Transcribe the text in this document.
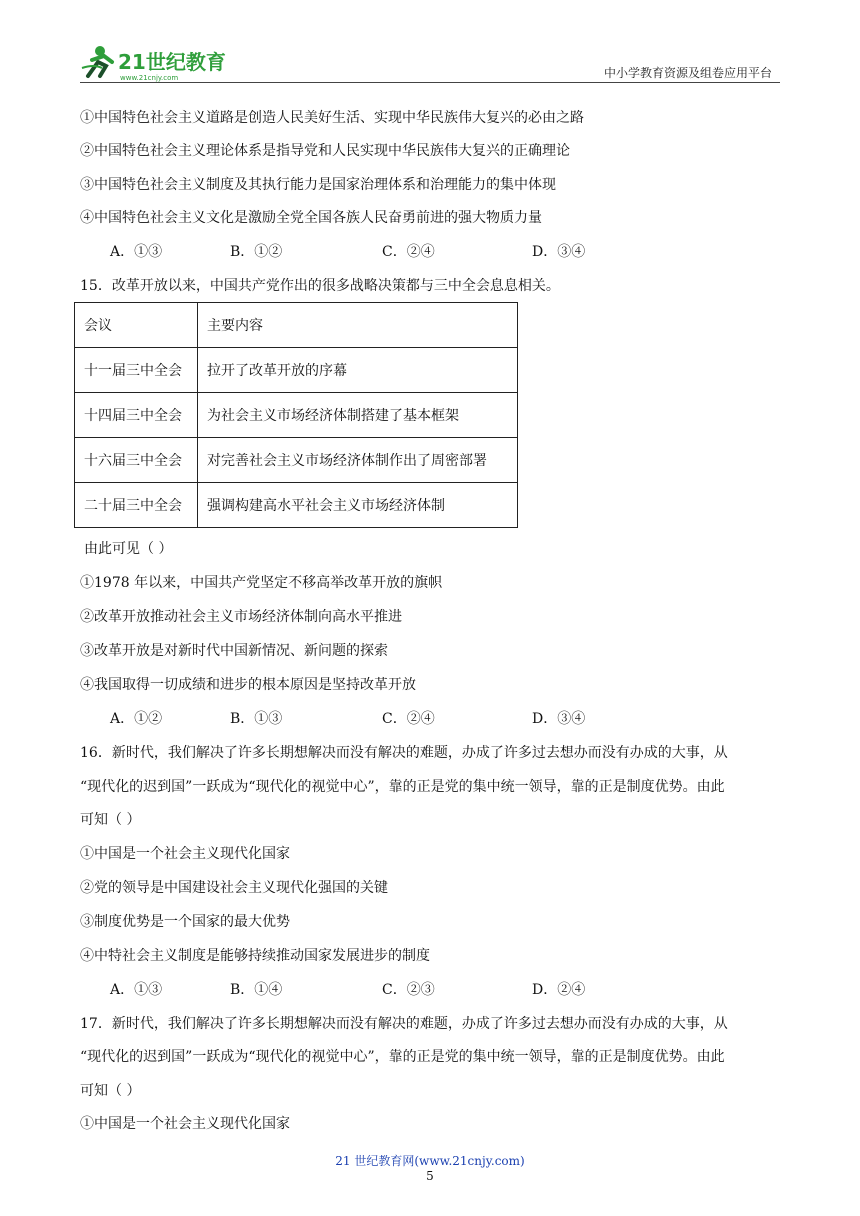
21世纪教育
www.21cnjy.com	中小学教育资源及组卷应用平台
①中国特色社会主义道路是创造人民美好生活、实现中华民族伟大复兴的必由之路
②中国特色社会主义理论体系是指导党和人民实现中华民族伟大复兴的正确理论
③中国特色社会主义制度及其执行能力是国家治理体系和治理能力的集中体现
④中国特色社会主义文化是激励全党全国各族人民奋勇前进的强大物质力量
A．①③	B．①②	C．②④	D．③④
15．改革开放以来，中国共产党作出的很多战略决策都与三中全会息息相关。
会议	主要内容
十一届三中全会	拉开了改革开放的序幕
十四届三中全会	为社会主义市场经济体制搭建了基本框架
十六届三中全会	对完善社会主义市场经济体制作出了周密部署
二十届三中全会	强调构建高水平社会主义市场经济体制
由此可见（ ）
①1978 年以来，中国共产党坚定不移高举改革开放的旗帜
②改革开放推动社会主义市场经济体制向高水平推进
③改革开放是对新时代中国新情况、新问题的探索
④我国取得一切成绩和进步的根本原因是坚持改革开放
A．①②	B．①③	C．②④	D．③④
16．新时代，我们解决了许多长期想解决而没有解决的难题，办成了许多过去想办而没有办成的大事，从
“现代化的迟到国”一跃成为“现代化的视觉中心”，靠的正是党的集中统一领导，靠的正是制度优势。由此
可知（ ）
①中国是一个社会主义现代化国家
②党的领导是中国建设社会主义现代化强国的关键
③制度优势是一个国家的最大优势
④中特社会主义制度是能够持续推动国家发展进步的制度
A．①③	B．①④	C．②③	D．②④
17．新时代，我们解决了许多长期想解决而没有解决的难题，办成了许多过去想办而没有办成的大事，从
“现代化的迟到国”一跃成为“现代化的视觉中心”，靠的正是党的集中统一领导，靠的正是制度优势。由此
可知（ ）
①中国是一个社会主义现代化国家
21 世纪教育网(www.21cnjy.com)
5
